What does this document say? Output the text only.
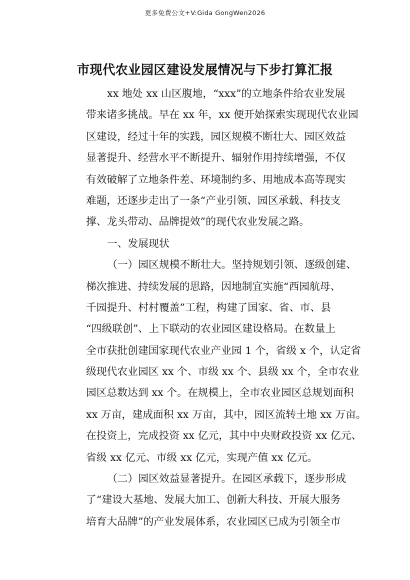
更多免费公文+V:Gida GongWen2026
市现代农业园区建设发展情况与下步打算汇报
xx 地处 xx 山区腹地，“xxx”的立地条件给农业发展
带来诸多挑战。早在 xx 年，xx 便开始探索实现现代农业园
区建设，经过十年的实践，园区规模不断壮大、园区效益
显著提升、经营水平不断提升、辐射作用持续增强，不仅
有效破解了立地条件差、环境制约多、用地成本高等现实
难题，还逐步走出了一条“产业引领、园区承载、科技支
撑、龙头带动、品牌提效”的现代农业发展之路。
一、发展现状
（一）园区规模不断壮大。坚持规划引领、逐级创建、
梯次推进、持续发展的思路，因地制宜实施“西园航母、
千园提升、村村覆盖”工程，构建了国家、省、市、县
“四级联创”、上下联动的农业园区建设格局。在数量上
全市获批创建国家现代农业产业园 1 个，省级 x 个，认定省
级现代农业园区 xx 个、市级 xx 个、县级 xx 个，全市农业
园区总数达到 xx 个。在规模上，全市农业园区总规划面积
xx 万亩，建成面积 xx 万亩，其中，园区流转土地 xx 万亩。
在投资上，完成投资 xx 亿元，其中中央财政投资 xx 亿元、
省级 xx 亿元、市级 xx 亿元，实现产值 xx 亿元。
（二）园区效益显著提升。在园区承载下，逐步形成
了“建设大基地、发展大加工、创新大科技、开展大服务
培育大品牌”的产业发展体系，农业园区已成为引领全市
